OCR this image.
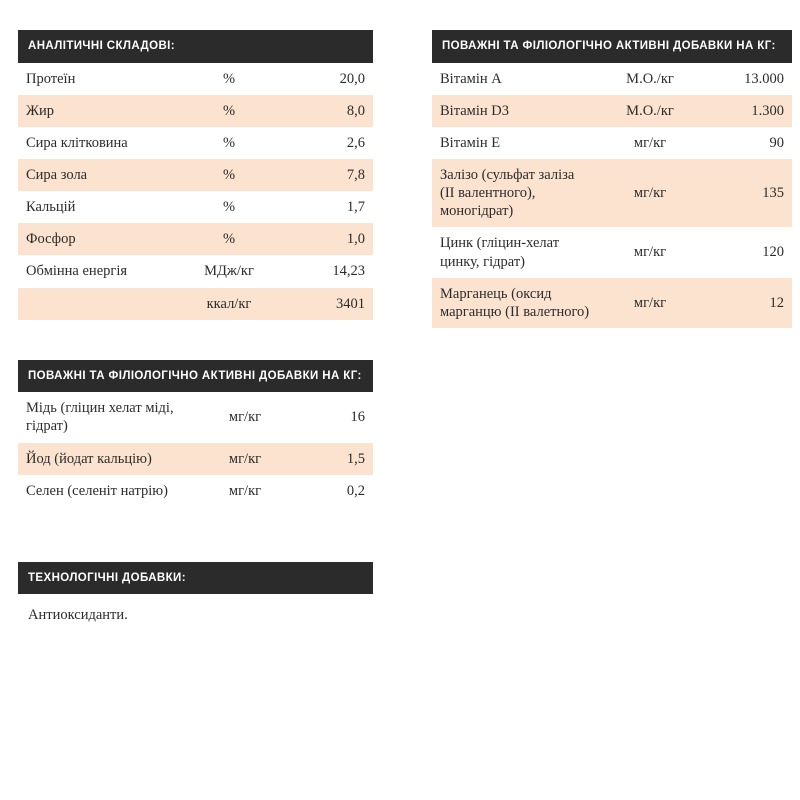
АНАЛІТИЧНІ СКЛАДОВІ:
Протеїн	%	20,0
Жир	%	8,0
Сира клітковина	%	2,6
Сира зола	%	7,8
Кальцій	%	1,7
Фосфор	%	1,0
Обмінна енергія	МДж/кг	14,23
	ккал/кг	3401
ПОВАЖНІ ТА ФІЛІОЛОГІЧНО АКТИВНІ ДОБАВКИ НА КГ:
Мідь (гліцин хелат міді, гідрат)	мг/кг	16
Йод (йодат кальцію)	мг/кг	1,5
Селен (селеніт натрію)	мг/кг	0,2
ТЕХНОЛОГІЧНІ ДОБАВКИ:
Антиоксиданти.
ПОВАЖНІ ТА ФІЛІОЛОГІЧНО АКТИВНІ ДОБАВКИ НА КГ:
Вітамін А	М.О./кг	13.000
Вітамін D3	М.О./кг	1.300
Вітамін Е	мг/кг	90
Залізо (сульфат заліза (II валентного), моногідрат)	мг/кг	135
Цинк (гліцин-хелат цинку, гідрат)	мг/кг	120
Марганець (оксид марганцю (II валетного)	мг/кг	12
